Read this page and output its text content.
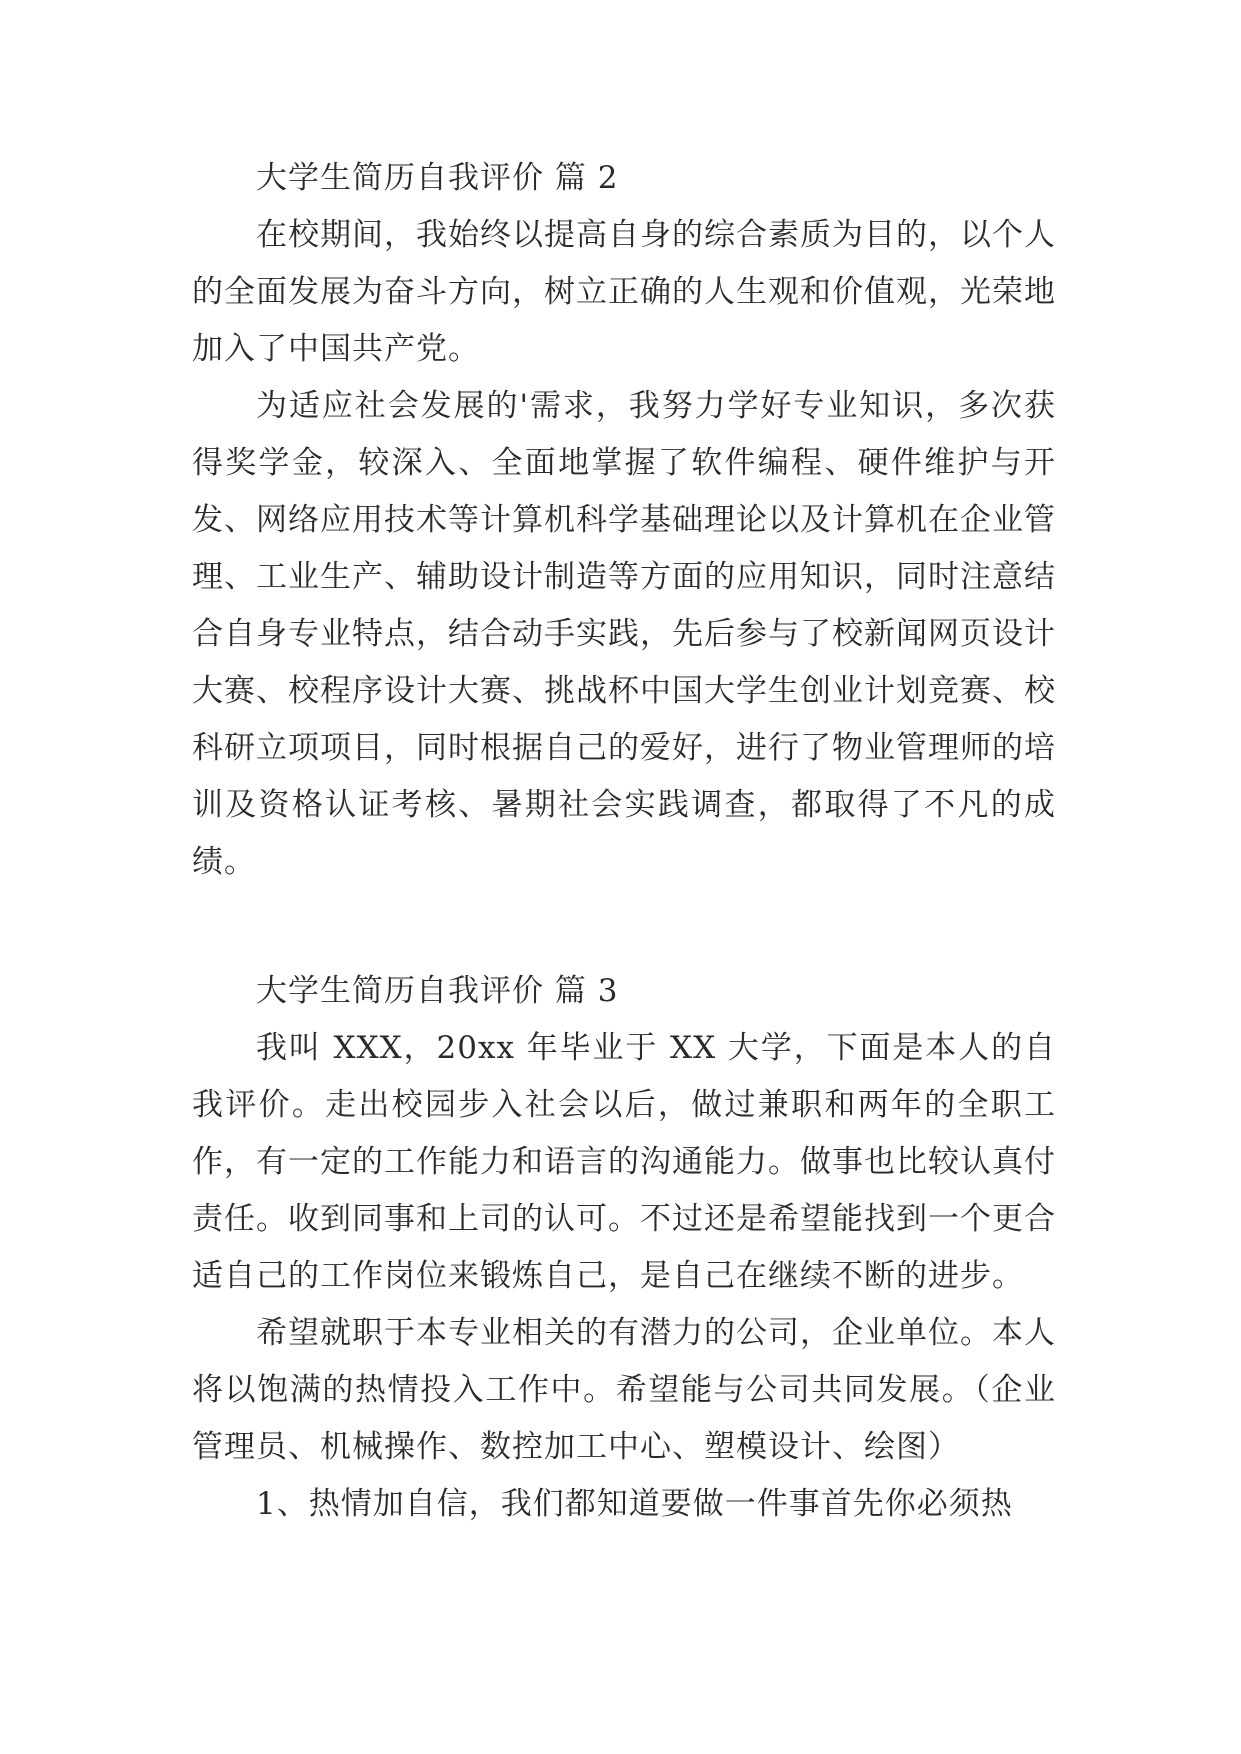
大学生简历自我评价 篇 2

在校期间，我始终以提高自身的综合素质为目的，以个人的全面发展为奋斗方向，树立正确的人生观和价值观，光荣地加入了中国共产党。

为适应社会发展的'需求，我努力学好专业知识，多次获得奖学金，较深入、全面地掌握了软件编程、硬件维护与开发、网络应用技术等计算机科学基础理论以及计算机在企业管理、工业生产、辅助设计制造等方面的应用知识，同时注意结合自身专业特点，结合动手实践，先后参与了校新闻网页设计大赛、校程序设计大赛、挑战杯中国大学生创业计划竞赛、校科研立项项目，同时根据自己的爱好，进行了物业管理师的培训及资格认证考核、暑期社会实践调查，都取得了不凡的成绩。

大学生简历自我评价 篇 3

我叫 XXX，20xx 年毕业于 XX 大学，下面是本人的自我评价。走出校园步入社会以后，做过兼职和两年的全职工作，有一定的工作能力和语言的沟通能力。做事也比较认真付责任。收到同事和上司的认可。不过还是希望能找到一个更合适自己的工作岗位来锻炼自己，是自己在继续不断的进步。

希望就职于本专业相关的有潜力的公司，企业单位。本人将以饱满的热情投入工作中。希望能与公司共同发展。（企业管理员、机械操作、数控加工中心、塑模设计、绘图）

1、热情加自信，我们都知道要做一件事首先你必须热
